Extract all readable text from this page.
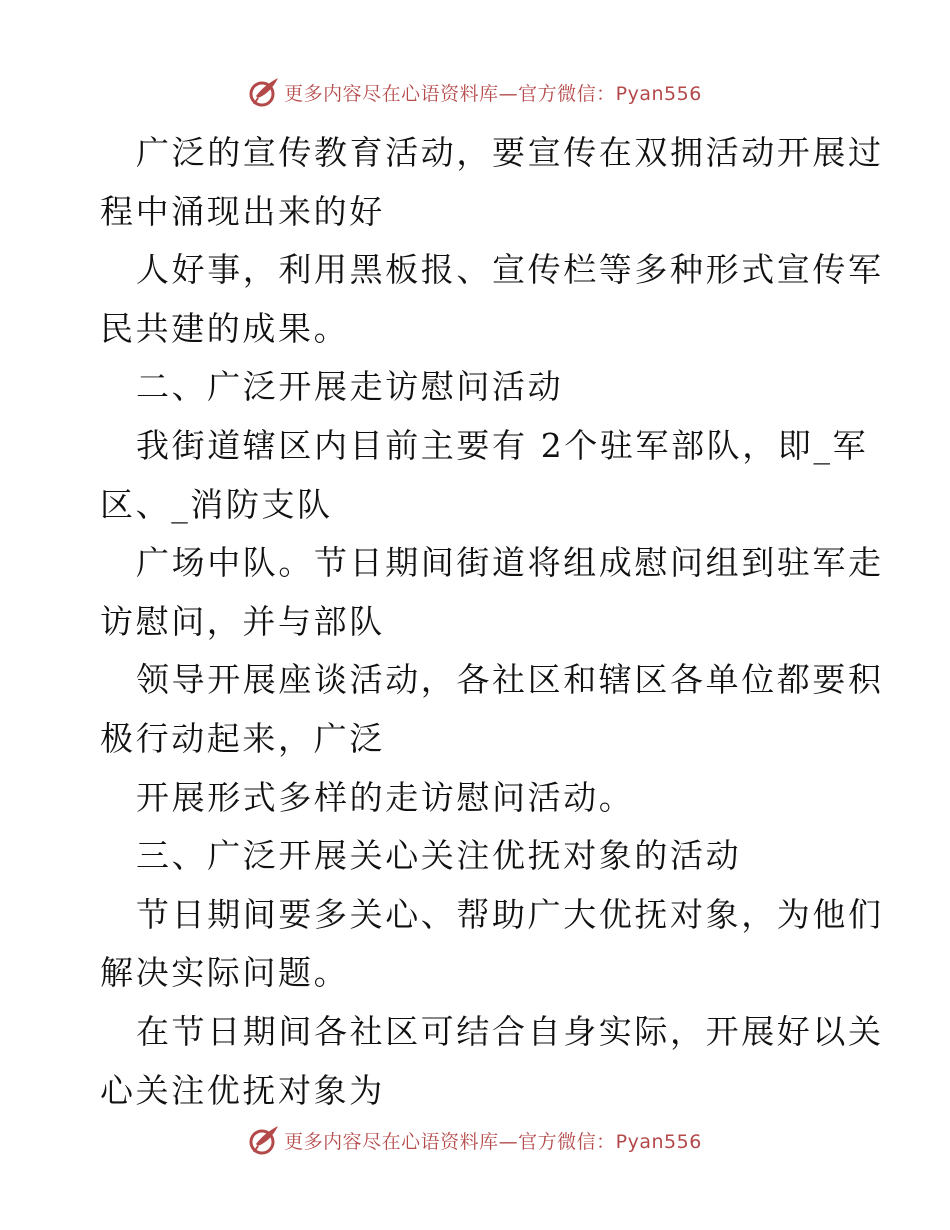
更多内容尽在心语资料库—官方微信：Pyan556
广泛的宣传教育活动，要宣传在双拥活动开展过
程中涌现出来的好
人好事，利用黑板报、宣传栏等多种形式宣传军
民共建的成果。
二、广泛开展走访慰问活动
我街道辖区内目前主要有 2个驻军部队，即_军
区、_消防支队
广场中队。节日期间街道将组成慰问组到驻军走
访慰问，并与部队
领导开展座谈活动，各社区和辖区各单位都要积
极行动起来，广泛
开展形式多样的走访慰问活动。
三、广泛开展关心关注优抚对象的活动
节日期间要多关心、帮助广大优抚对象，为他们
解决实际问题。
在节日期间各社区可结合自身实际，开展好以关
心关注优抚对象为
更多内容尽在心语资料库—官方微信：Pyan556
